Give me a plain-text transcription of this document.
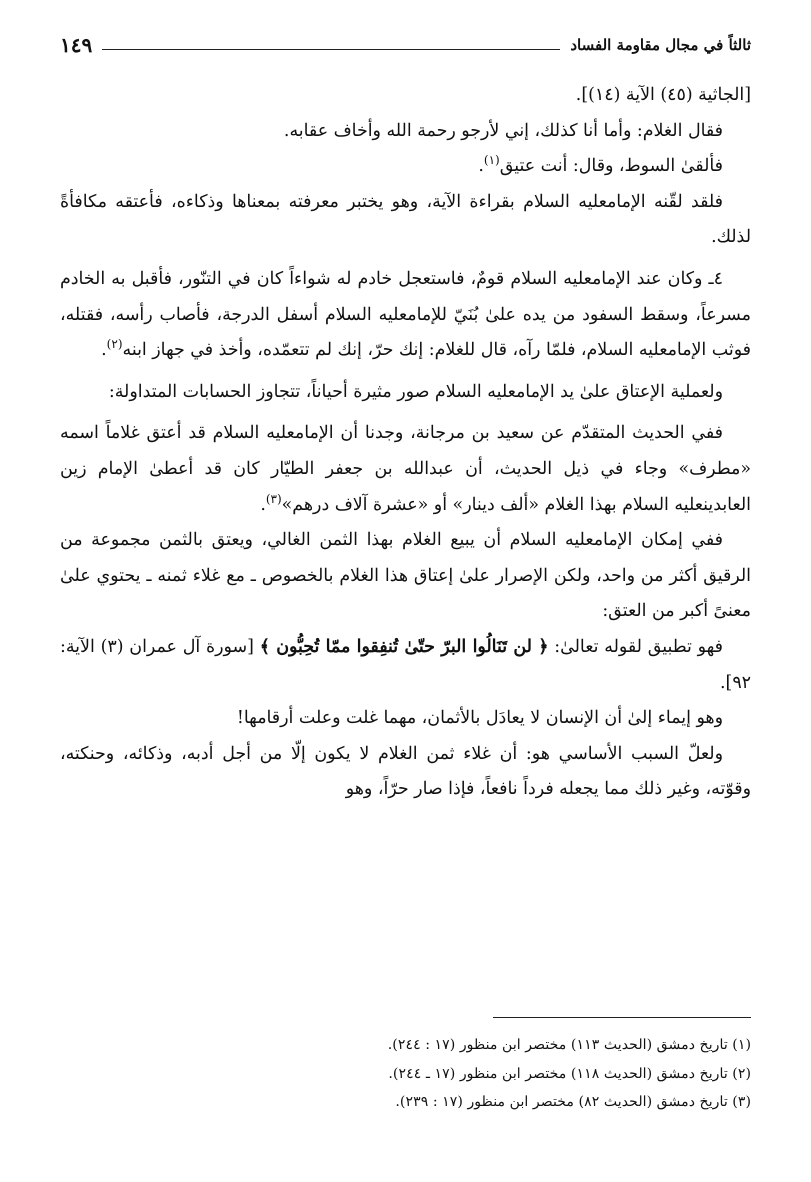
ثالثاً في مجال مقاومة الفساد
١٤٩

[الجاثية (٤٥) الآية (١٤)].

فقال الغلام: وأما أنا كذلك، إني لأرجو رحمة الله وأخاف عقابه.

فألقىٰ السوط، وقال: أنت عتيق$^{(١)}$.

فلقد لقّنه الإمامعليه السلام بقراءة الآية، وهو يختبر معرفته بمعناها وذكاءه، فأعتقه مكافأةً لذلك.

٤ـ وكان عند الإمامعليه السلام قومٌ، فاستعجل خادم له شواءاً كان في التنّور، فأقبل به الخادم مسرعاً، وسقط السفود من يده علىٰ بُنَيّ للإمامعليه السلام أسفل الدرجة، فأصاب رأسه، فقتله، فوثب الإمامعليه السلام، فلمّا رآه، قال للغلام: إنك حرّ، إنك لم تتعمّده، وأخذ في جهاز ابنه$^{(٢)}$.

ولعملية الإعتاق علىٰ يد الإمامعليه السلام صور مثيرة أحياناً، تتجاوز الحسابات المتداولة:

ففي الحديث المتقدّم عن سعيد بن مرجانة، وجدنا أن الإمامعليه السلام قد أعتق غلاماً اسمه «مطرف» وجاء في ذيل الحديث، أن عبدالله بن جعفر الطيّار كان قد أعطىٰ الإمام زين العابدينعليه السلام بهذا الغلام «ألف دينار» أو «عشرة آلاف درهم»$^{(٣)}$.

ففي إمكان الإمامعليه السلام أن يبيع الغلام بهذا الثمن الغالي، ويعتق بالثمن مجموعة من الرقيق أكثر من واحد، ولكن الإصرار علىٰ إعتاق هذا الغلام بالخصوص ـ مع غلاء ثمنه ـ يحتوي علىٰ معنىً أكبر من العتق:

فهو تطبيق لقوله تعالىٰ: ﴿ لن تَنَالُوا البرّ حتّىٰ تُنفِقوا ممّا تُحِبُّون ﴾ [سورة آل عمران (٣) الآية: ٩٢].

وهو إيماء إلىٰ أن الإنسان لا يعادَل بالأثمان، مهما غلت وعلت أرقامها!

ولعلّ السبب الأساسي هو: أن غلاء ثمن الغلام لا يكون إلّا من أجل أدبه، وذكائه، وحنكته، وقوّته، وغير ذلك مما يجعله فرداً نافعاً، فإذا صار حرّاً، وهو

(١) تاريخ دمشق (الحديث ١١٣) مختصر ابن منظور (١٧ : ٢٤٤).

(٢) تاريخ دمشق (الحديث ١١٨) مختصر ابن منظور (١٧ ـ ٢٤٤).

(٣) تاريخ دمشق (الحديث ٨٢) مختصر ابن منظور (١٧ : ٢٣٩).
